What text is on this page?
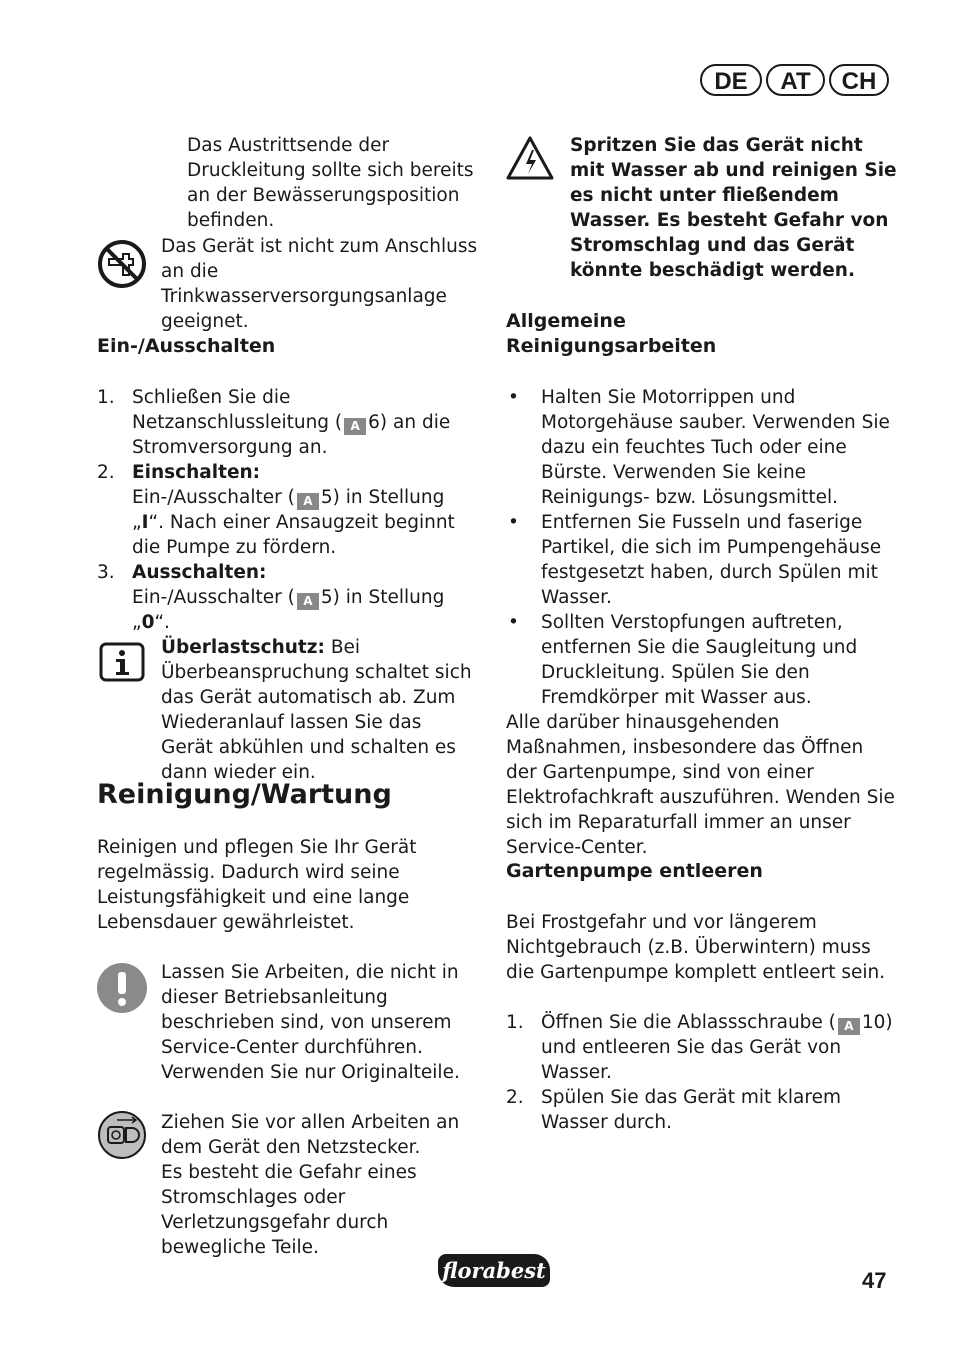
DE	AT	CH

Das Austrittsende der Druckleitung sollte sich bereits an der Bewässerungsposition befinden.

Das Gerät ist nicht zum Anschluss an die Trinkwasserversorgungsanlage geeignet.

Ein-/Ausschalten
1. Schließen Sie die Netzanschlussleitung ( A 6) an die Stromversorgung an.
2. Einschalten:
Ein-/Ausschalter ( A 5) in Stellung „I“. Nach einer Ansaugzeit beginnt die Pumpe zu fördern.
3. Ausschalten:
Ein-/Ausschalter ( A 5) in Stellung „0“.

Überlastschutz: Bei Überbeanspruchung schaltet sich das Gerät automatisch ab. Zum Wiederanlauf lassen Sie das Gerät abkühlen und schalten es dann wieder ein.

Reinigung/Wartung

Reinigen und pflegen Sie Ihr Gerät regelmässig. Dadurch wird seine Leistungsfähigkeit und eine lange Lebensdauer gewährleistet.

Lassen Sie Arbeiten, die nicht in dieser Betriebsanleitung beschrieben sind, von unserem Service-Center durchführen. Verwenden Sie nur Originalteile.

Ziehen Sie vor allen Arbeiten an dem Gerät den Netzstecker.

Es besteht die Gefahr eines Stromschlages oder Verletzungsgefahr durch bewegliche Teile.

Spritzen Sie das Gerät nicht mit Wasser ab und reinigen Sie es nicht unter fließendem Wasser. Es besteht Gefahr von Stromschlag und das Gerät könnte beschädigt werden.

Allgemeine
Reinigungsarbeiten
• Halten Sie Motorrippen und Motorgehäuse sauber. Verwenden Sie dazu ein feuchtes Tuch oder eine Bürste. Verwenden Sie keine Reinigungs- bzw. Lösungsmittel.
• Entfernen Sie Fusseln und faserige Partikel, die sich im Pumpengehäuse festgesetzt haben, durch Spülen mit Wasser.
• Sollten Verstopfungen auftreten, entfernen Sie die Saugleitung und Druckleitung. Spülen Sie den Fremdkörper mit Wasser aus.

Alle darüber hinausgehenden Maßnahmen, insbesondere das Öffnen der Gartenpumpe, sind von einer Elektrofachkraft auszuführen. Wenden Sie sich im Reparaturfall immer an unser Service-Center.

Gartenpumpe entleeren

Bei Frostgefahr und vor längerem Nichtgebrauch (z.B. Überwintern) muss die Gartenpumpe komplett entleert sein.

1. Öffnen Sie die Ablassschraube ( A 10) und entleeren Sie das Gerät von Wasser.
2. Spülen Sie das Gerät mit klarem Wasser durch.
florabest	47
